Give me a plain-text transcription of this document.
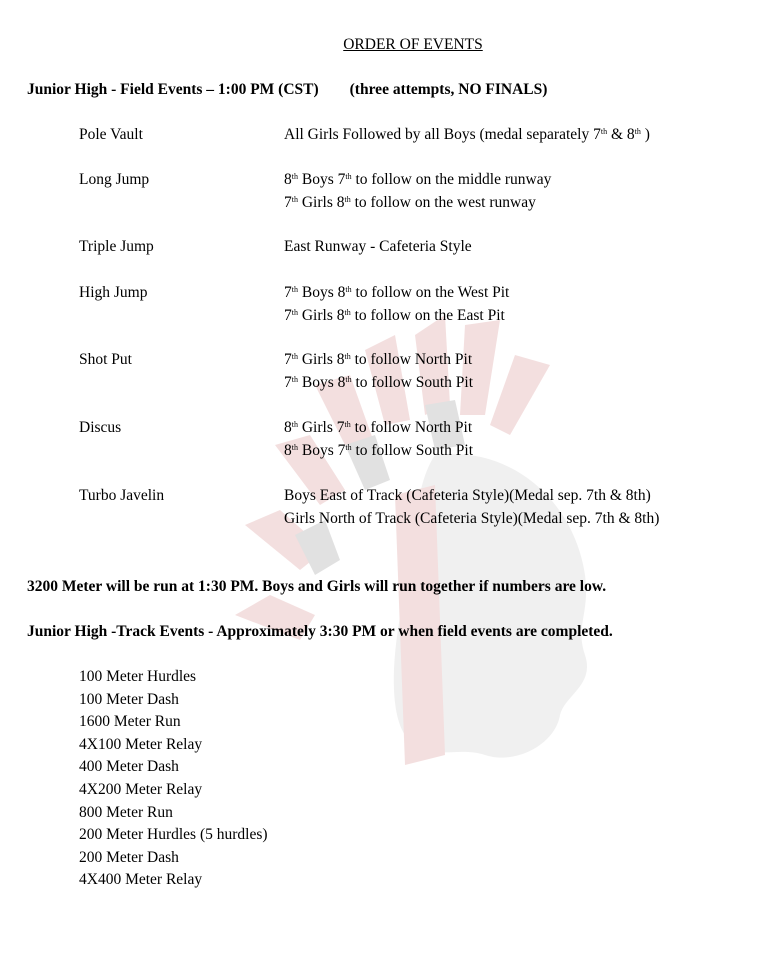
ORDER OF EVENTS
Junior High - Field Events – 1:00 PM (CST) (three attempts, NO FINALS)
Pole Vault	All Girls Followed by all Boys (medal separately 7th & 8th )
Long Jump	8th Boys 7th to follow on the middle runway
7th Girls 8th to follow on the west runway
Triple Jump	East Runway - Cafeteria Style
High Jump	7th Boys 8th to follow on the West Pit
7th Girls 8th to follow on the East Pit
Shot Put	7th Girls 8th to follow North Pit
7th Boys 8th to follow South Pit
Discus	8th Girls 7th to follow North Pit
8th Boys 7th to follow South Pit
Turbo Javelin	Boys East of Track (Cafeteria Style)(Medal sep. 7th & 8th)
Girls North of Track (Cafeteria Style)(Medal sep. 7th & 8th)
3200 Meter will be run at 1:30 PM. Boys and Girls will run together if numbers are low.
Junior High -Track Events - Approximately 3:30 PM or when field events are completed.
100 Meter Hurdles
100 Meter Dash
1600 Meter Run
4X100 Meter Relay
400 Meter Dash
4X200 Meter Relay
800 Meter Run
200 Meter Hurdles (5 hurdles)
200 Meter Dash
4X400 Meter Relay
